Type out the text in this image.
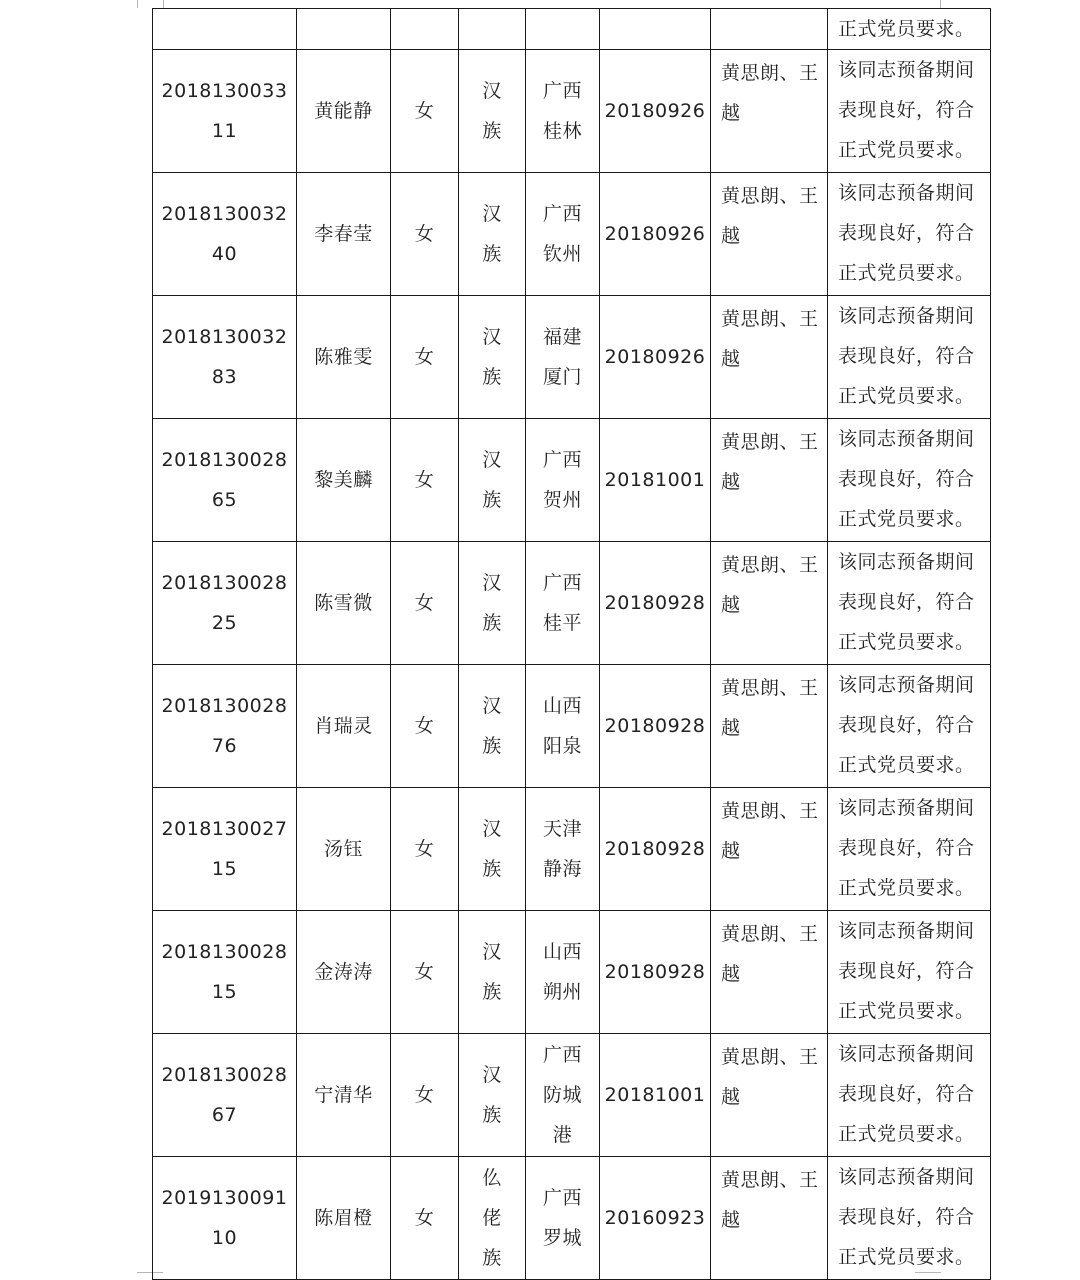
							正式党员要求。
201813003311	黄能静	女	汉族	广西桂林	20180926	黄思朗、王越	该同志预备期间表现良好，符合正式党员要求。
201813003240	李春莹	女	汉族	广西钦州	20180926	黄思朗、王越	该同志预备期间表现良好，符合正式党员要求。
201813003283	陈雅雯	女	汉族	福建厦门	20180926	黄思朗、王越	该同志预备期间表现良好，符合正式党员要求。
201813002865	黎美麟	女	汉族	广西贺州	20181001	黄思朗、王越	该同志预备期间表现良好，符合正式党员要求。
201813002825	陈雪微	女	汉族	广西桂平	20180928	黄思朗、王越	该同志预备期间表现良好，符合正式党员要求。
201813002876	肖瑞灵	女	汉族	山西阳泉	20180928	黄思朗、王越	该同志预备期间表现良好，符合正式党员要求。
201813002715	汤钰	女	汉族	天津静海	20180928	黄思朗、王越	该同志预备期间表现良好，符合正式党员要求。
201813002815	金涛涛	女	汉族	山西朔州	20180928	黄思朗、王越	该同志预备期间表现良好，符合正式党员要求。
201813002867	宁清华	女	汉族	广西防城港	20181001	黄思朗、王越	该同志预备期间表现良好，符合正式党员要求。
201913009110	陈眉橙	女	仫佬族	广西罗城	20160923	黄思朗、王越	该同志预备期间表现良好，符合正式党员要求。
